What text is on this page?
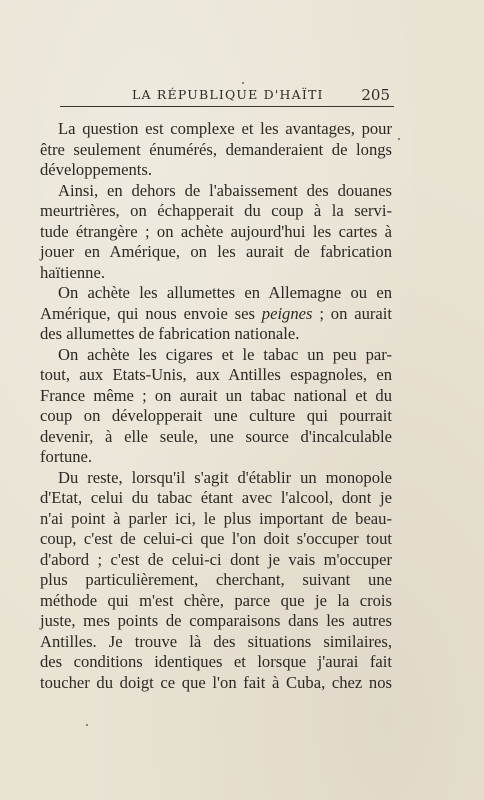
LA RÉPUBLIQUE D'HAÏTI	205
La question est complexe et les avantages, pour
être seulement énumérés, demanderaient de longs
développements.
Ainsi, en dehors de l'abaissement des douanes
meurtrières, on échapperait du coup à la servi-
tude étrangère ; on achète aujourd'hui les cartes à
jouer en Amérique, on les aurait de fabrication
haïtienne.
On achète les allumettes en Allemagne ou en
Amérique, qui nous envoie ses peignes ; on aurait
des allumettes de fabrication nationale.
On achète les cigares et le tabac un peu par-
tout, aux Etats-Unis, aux Antilles espagnoles, en
France même ; on aurait un tabac national et du
coup on développerait une culture qui pourrait
devenir, à elle seule, une source d'incalculable
fortune.
Du reste, lorsqu'il s'agit d'établir un monopole
d'Etat, celui du tabac étant avec l'alcool, dont je
n'ai point à parler ici, le plus important de beau-
coup, c'est de celui-ci que l'on doit s'occuper tout
d'abord ; c'est de celui-ci dont je vais m'occuper
plus particulièrement, cherchant, suivant une
méthode qui m'est chère, parce que je la crois
juste, mes points de comparaisons dans les autres
Antilles. Je trouve là des situations similaires,
des conditions identiques et lorsque j'aurai fait
toucher du doigt ce que l'on fait à Cuba, chez nos
